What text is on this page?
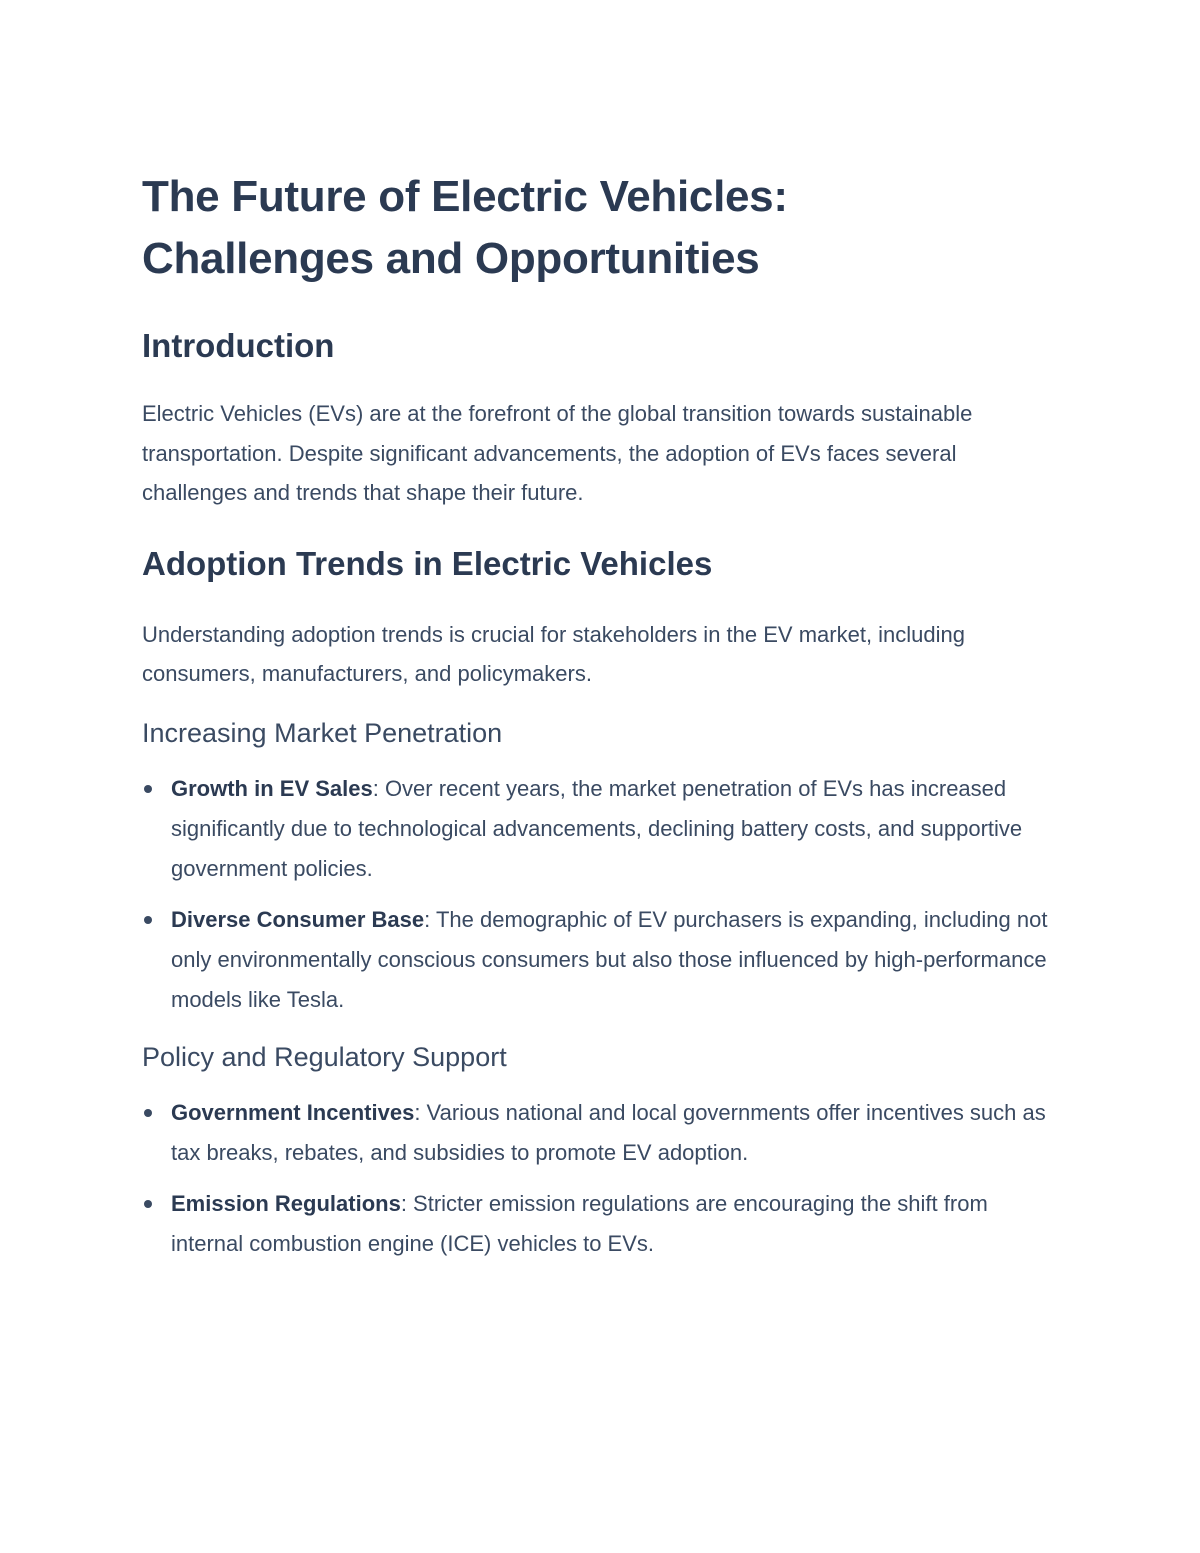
The Future of Electric Vehicles:
Challenges and Opportunities
Introduction

Electric Vehicles (EVs) are at the forefront of the global transition towards sustainable transportation. Despite significant advancements, the adoption of EVs faces several challenges and trends that shape their future.

Adoption Trends in Electric Vehicles

Understanding adoption trends is crucial for stakeholders in the EV market, including consumers, manufacturers, and policymakers.

Increasing Market Penetration
Growth in EV Sales: Over recent years, the market penetration of EVs has increased significantly due to technological advancements, declining battery costs, and supportive government policies.
Diverse Consumer Base: The demographic of EV purchasers is expanding, including not only environmentally conscious consumers but also those influenced by high-performance models like Tesla.
Policy and Regulatory Support
Government Incentives: Various national and local governments offer incentives such as tax breaks, rebates, and subsidies to promote EV adoption.
Emission Regulations: Stricter emission regulations are encouraging the shift from internal combustion engine (ICE) vehicles to EVs.
